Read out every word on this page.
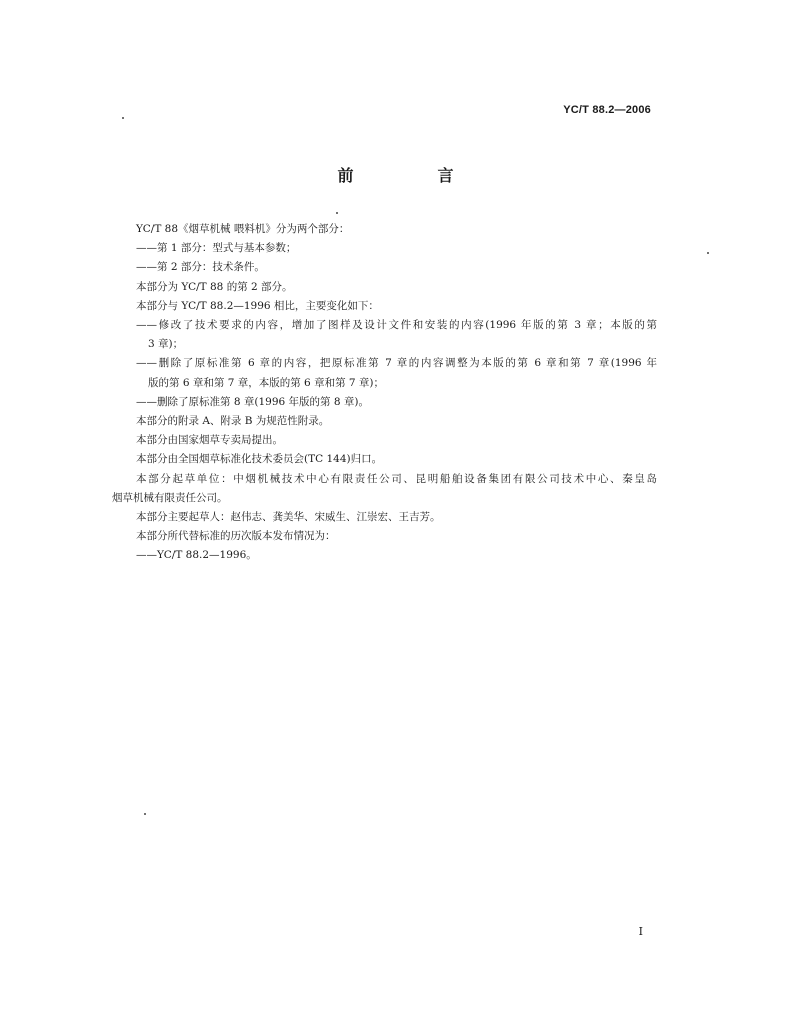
YC/T 88.2—2006
前　言
YC/T 88《烟草机械 喂料机》分为两个部分：
——第 1 部分：型式与基本参数；
——第 2 部分：技术条件。
本部分为 YC/T 88 的第 2 部分。
本部分与 YC/T 88.2—1996 相比，主要变化如下：
——修改了技术要求的内容，增加了图样及设计文件和安装的内容(1996 年版的第 3 章；本版的第
3 章)；
——删除了原标准第 6 章的内容，把原标准第 7 章的内容调整为本版的第 6 章和第 7 章(1996 年
版的第 6 章和第 7 章，本版的第 6 章和第 7 章)；
——删除了原标准第 8 章(1996 年版的第 8 章)。
本部分的附录 A、附录 B 为规范性附录。
本部分由国家烟草专卖局提出。
本部分由全国烟草标准化技术委员会(TC 144)归口。
本部分起草单位：中烟机械技术中心有限责任公司、昆明船舶设备集团有限公司技术中心、秦皇岛
烟草机械有限责任公司。
本部分主要起草人：赵伟志、龚美华、宋威生、江崇宏、王吉芳。
本部分所代替标准的历次版本发布情况为：
——YC/T 88.2—1996。
I
